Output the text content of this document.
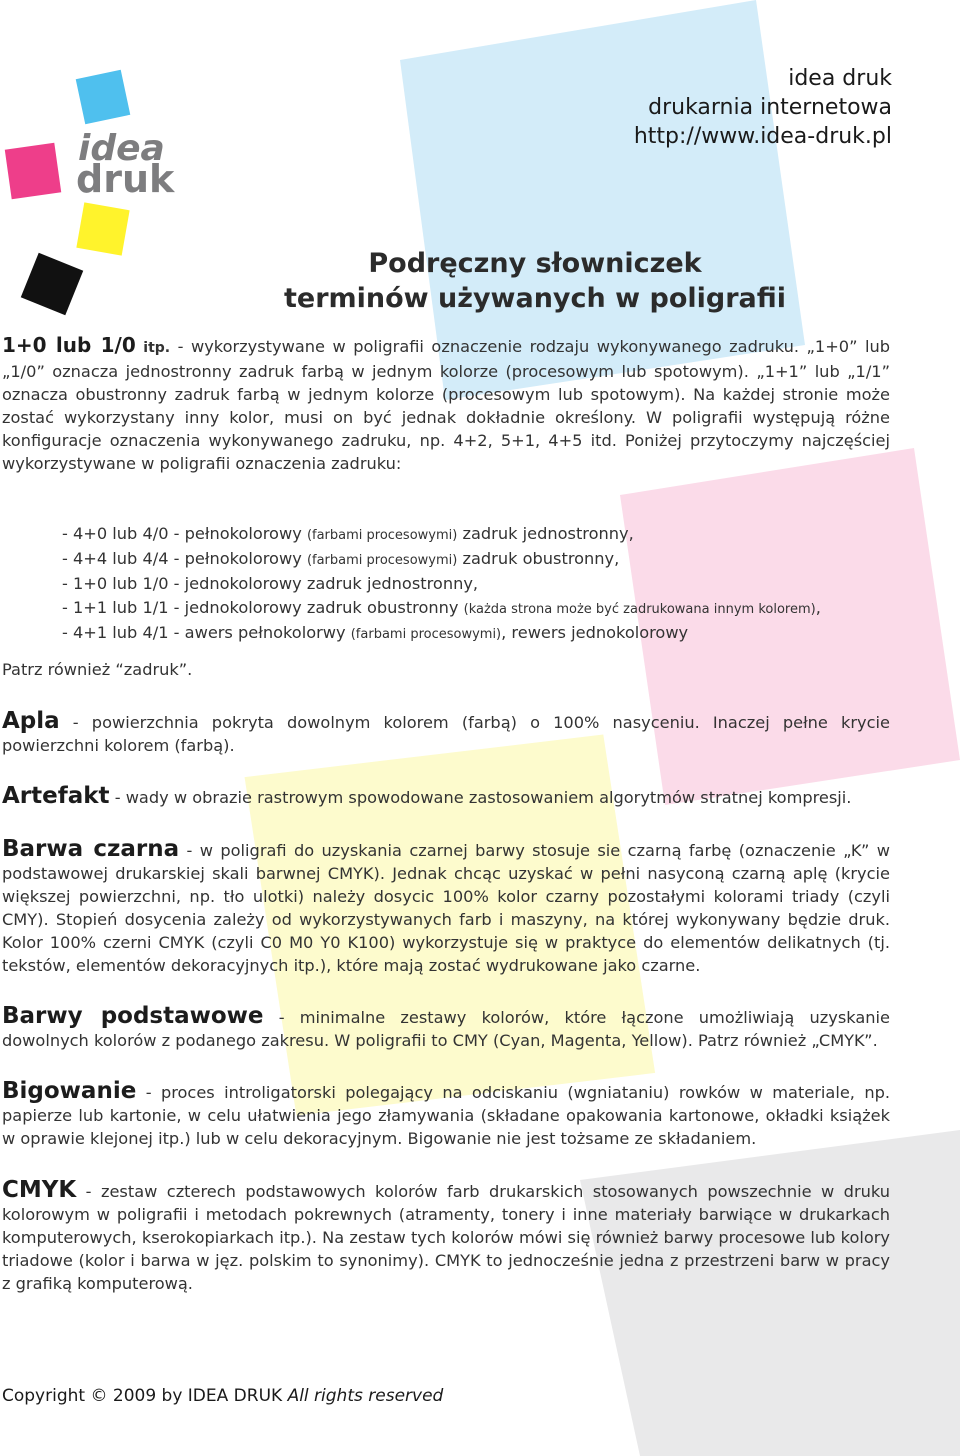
idea
druk
idea druk
drukarnia internetowa
http://www.idea-druk.pl
Podręczny słowniczek
terminów używanych w poligrafii
1+0 lub 1/0 itp. - wykorzystywane w poligrafii oznaczenie rodzaju wykonywanego zadruku. „1+0” lub „1/0” oznacza jednostronny zadruk farbą w jednym kolorze (procesowym lub spotowym). „1+1” lub „1/1” oznacza obustronny zadruk farbą w jednym kolorze (procesowym lub spotowym). Na każdej stronie może zostać wykorzystany inny kolor, musi on być jednak dokładnie określony. W poligrafii występują różne konfiguracje oznaczenia wykonywanego zadruku, np. 4+2, 5+1, 4+5 itd. Poniżej przytoczymy najczęściej wykorzystywane w poligrafii oznaczenia zadruku:
- 4+0 lub 4/0 - pełnokolorowy (farbami procesowymi) zadruk jednostronny,
- 4+4 lub 4/4 - pełnokolorowy (farbami procesowymi) zadruk obustronny,
- 1+0 lub 1/0 - jednokolorowy zadruk jednostronny,
- 1+1 lub 1/1 - jednokolorowy zadruk obustronny (każda strona może być zadrukowana innym kolorem),
- 4+1 lub 4/1 - awers pełnokolorwy (farbami procesowymi), rewers jednokolorowy
Patrz również “zadruk”.
Apla - powierzchnia pokryta dowolnym kolorem (farbą) o 100% nasyceniu. Inaczej pełne krycie powierzchni kolorem (farbą).
Artefakt - wady w obrazie rastrowym spowodowane zastosowaniem algorytmów stratnej kompresji.
Barwa czarna - w poligrafi do uzyskania czarnej barwy stosuje sie czarną farbę (oznaczenie „K” w podstawowej drukarskiej skali barwnej CMYK). Jednak chcąc uzyskać w pełni nasyconą czarną aplę (krycie większej powierzchni, np. tło ulotki) należy dosycic 100% kolor czarny pozostałymi kolorami triady (czyli CMY). Stopień dosycenia zależy od wykorzystywanych farb i maszyny, na której wykonywany będzie druk. Kolor 100% czerni CMYK (czyli C0 M0 Y0 K100) wykorzystuje się w praktyce do elementów delikatnych (tj. tekstów, elementów dekoracyjnych itp.), które mają zostać wydrukowane jako czarne.
Barwy podstawowe - minimalne zestawy kolorów, które łączone umożliwiają uzyskanie dowolnych kolorów z podanego zakresu. W poligrafii to CMY (Cyan, Magenta, Yellow). Patrz również „CMYK”.
Bigowanie - proces introligatorski polegający na odciskaniu (wgniataniu) rowków w materiale, np. papierze lub kartonie, w celu ułatwienia jego złamywania (składane opakowania kartonowe, okładki książek w oprawie klejonej itp.) lub w celu dekoracyjnym. Bigowanie nie jest tożsame ze składaniem.
CMYK - zestaw czterech podstawowych kolorów farb drukarskich stosowanych powszechnie w druku kolorowym w poligrafii i metodach pokrewnych (atramenty, tonery i inne materiały barwiące w drukarkach komputerowych, kserokopiarkach itp.). Na zestaw tych kolorów mówi się również barwy procesowe lub kolory triadowe (kolor i barwa w jęz. polskim to synonimy). CMYK to jednocześnie jedna z przestrzeni barw w pracy z grafiką komputerową.
Copyright © 2009 by IDEA DRUK All rights reserved
